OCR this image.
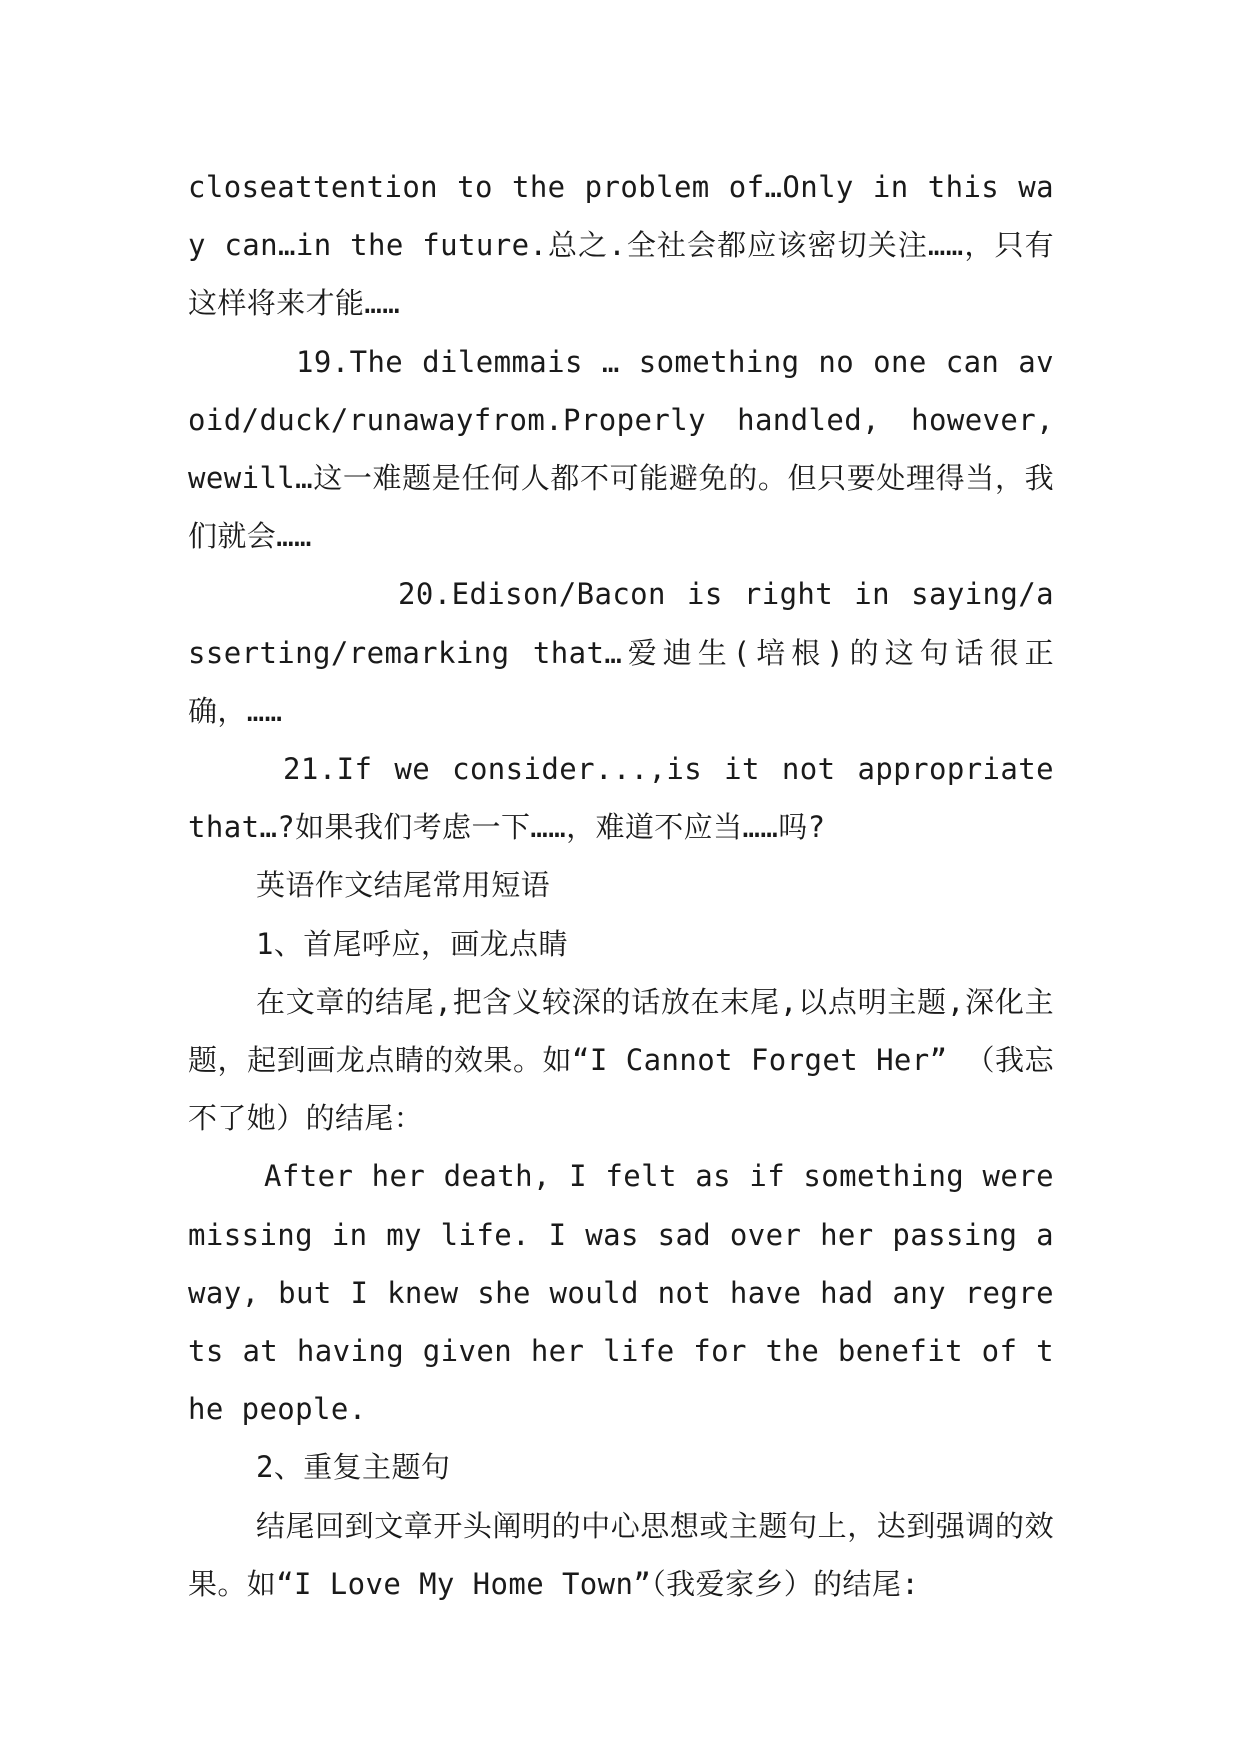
closeattention to the problem of…Only in this way can…in the future.总之.全社会都应该密切关注……，只有这样将来才能……

19.The dilemmais … something no one can avoid/duck/runawayfrom.Properly handled, however, wewill…这一难题是任何人都不可能避免的。但只要处理得当，我们就会……

20.Edison/Bacon is right in saying/asserting/remarking that…爱迪生(培根)的这句话很正确，……

21.If we consider...,is it not appropriate that…?如果我们考虑一下……，难道不应当……吗?

英语作文结尾常用短语

1、首尾呼应，画龙点睛

在文章的结尾,把含义较深的话放在末尾,以点明主题,深化主题，起到画龙点睛的效果。如“I Cannot Forget Her” （我忘不了她）的结尾：

After her death, I felt as if something were missing in my life. I was sad over her passing away, but I knew she would not have had any regrets at having given her life for the benefit of the people.

2、重复主题句

结尾回到文章开头阐明的中心思想或主题句上，达到强调的效果。如“I Love My Home Town”（我爱家乡）的结尾:
